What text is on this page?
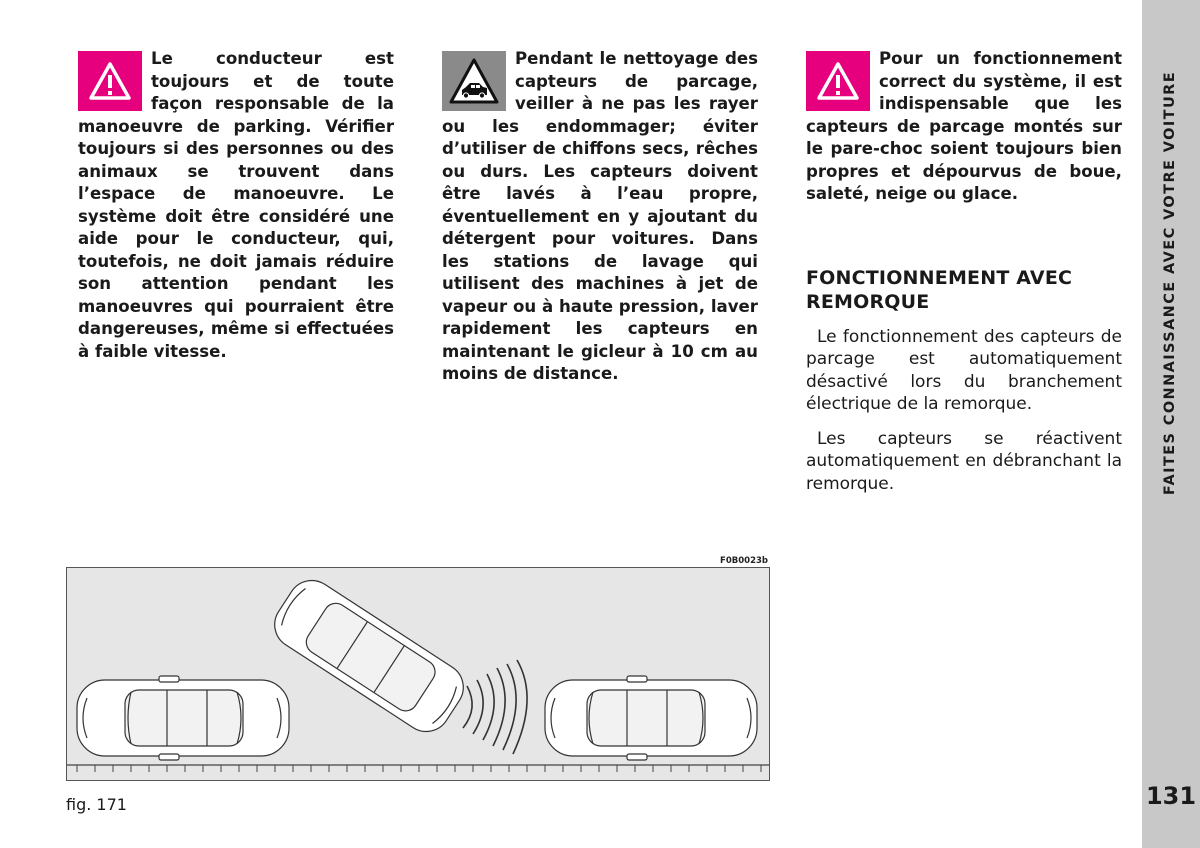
Le conducteur est toujours et de toute façon responsable de la manoeuvre de parking. Vérifier toujours si des personnes ou des animaux se trouvent dans l’espace de manoeuvre. Le système doit être considéré une aide pour le conducteur, qui, toutefois, ne doit jamais réduire son attention pendant les manoeuvres qui pourraient être dangereuses, même si effectuées à faible vitesse.

Pendant le nettoyage des capteurs de parcage, veiller à ne pas les rayer ou les endommager; éviter d’utiliser de chiffons secs, rêches ou durs. Les capteurs doivent être lavés à l’eau propre, éventuellement en y ajoutant du détergent pour voitures. Dans les stations de lavage qui utilisent des machines à jet de vapeur ou à haute pression, laver rapidement les capteurs en maintenant le gicleur à 10 cm au moins de distance.

Pour un fonctionnement correct du système, il est indispensable que les capteurs de parcage montés sur le pare-choc soient toujours bien propres et dépourvus de boue, saleté, neige ou glace.

FONCTIONNEMENT AVEC REMORQUE

Le fonctionnement des capteurs de parcage est automatiquement désactivé lors du branchement électrique de la remorque.

Les capteurs se réactivent automatiquement en débranchant la remorque.

F0B0023b
fig. 171
FAITES CONNAISSANCE AVEC VOTRE VOITURE
131
